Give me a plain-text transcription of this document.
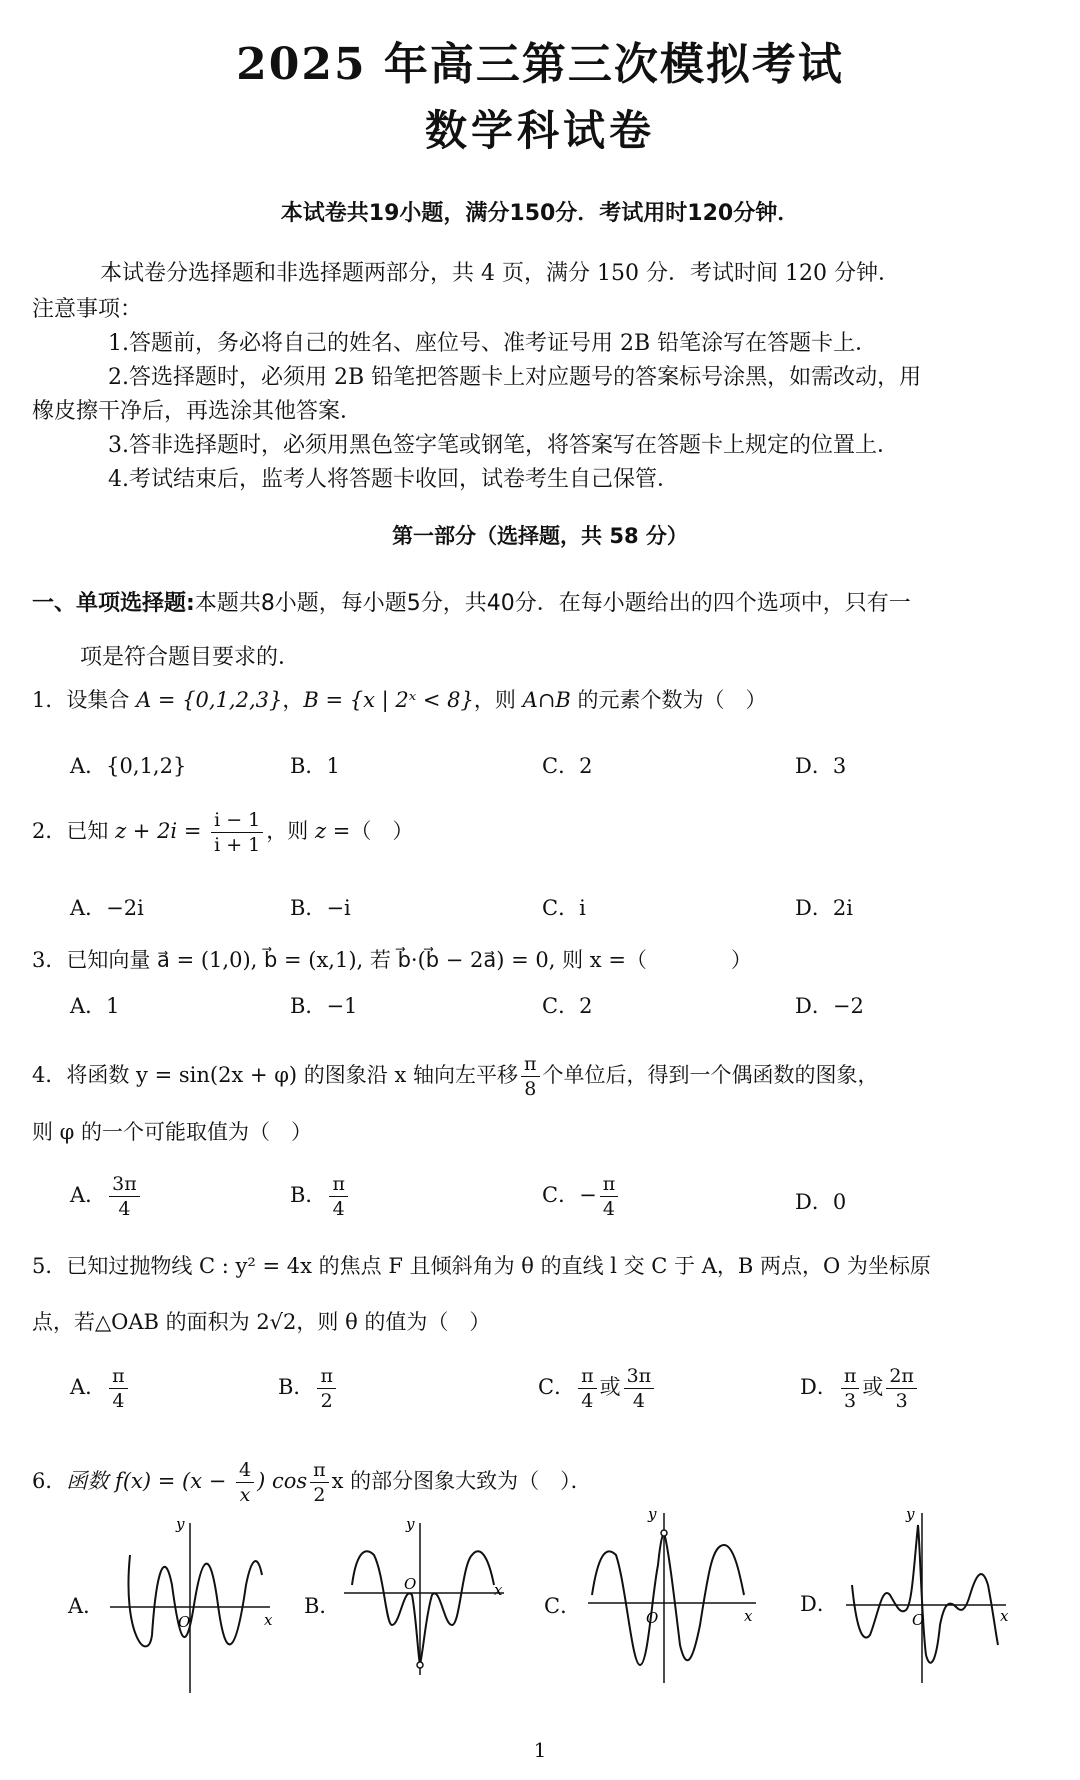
2025 年高三第三次模拟考试
数学科试卷
本试卷共19小题，满分150分．考试用时120分钟．
本试卷分选择题和非选择题两部分，共 4 页，满分 150 分．考试时间 120 分钟．
注意事项：
1.答题前，务必将自己的姓名、座位号、准考证号用 2B 铅笔涂写在答题卡上．
2.答选择题时，必须用 2B 铅笔把答题卡上对应题号的答案标号涂黑，如需改动，用
橡皮擦干净后，再选涂其他答案．
3.答非选择题时，必须用黑色签字笔或钢笔，将答案写在答题卡上规定的位置上．
4.考试结束后，监考人将答题卡收回，试卷考生自己保管．
第一部分（选择题，共 58 分）
一、单项选择题:本题共8小题，每小题5分，共40分．在每小题给出的四个选项中，只有一
项是符合题目要求的．
1．设集合 A = {0,1,2,3}，B = {x | 2ˣ < 8}，则 A∩B 的元素个数为（　）
A．{0,1,2}	B．1	C．2	D．3
2．已知 $z + 2i = \frac{i - 1}{i + 1}$ ，则 z =（　）
A．−2i	B．−i	C．i	D．2i
3．已知向量 a⃗ = (1,0), b⃗ = (x,1), 若 b⃗·(b⃗ − 2a⃗) = 0, 则 x =（　　　　）
A．1	B．−1	C．2	D．−2
4．将函数 y = sin(2x + φ) 的图象沿 x 轴向左平移 $\frac{\pi}{8}$ 个单位后，得到一个偶函数的图象，
则 φ 的一个可能取值为（　）
A． $\frac{3\pi}{4}$	B． $\frac{\pi}{4}$	C．− $\frac{\pi}{4}$	D．0
5．已知过抛物线 C : y² = 4x 的焦点 F 且倾斜角为 θ 的直线 l 交 C 于 A，B 两点，O 为坐标原
点，若△OAB 的面积为 2√2，则 θ 的值为（　）
A． $\frac{\pi}{4}$	B． $\frac{\pi}{2}$	C． $\frac{\pi}{4}$ 或 $\frac{3\pi}{4}$	D． $\frac{\pi}{3}$ 或 $\frac{2\pi}{3}$
6．函数 $f(x) = (x - \frac{4}{x}$ ) $\cos \frac{\pi}{2}$ x 的部分图象大致为（　）．
A．
x
y
O
B．
x
y
O
C．	x
y
O
D．	x
y
O
1
